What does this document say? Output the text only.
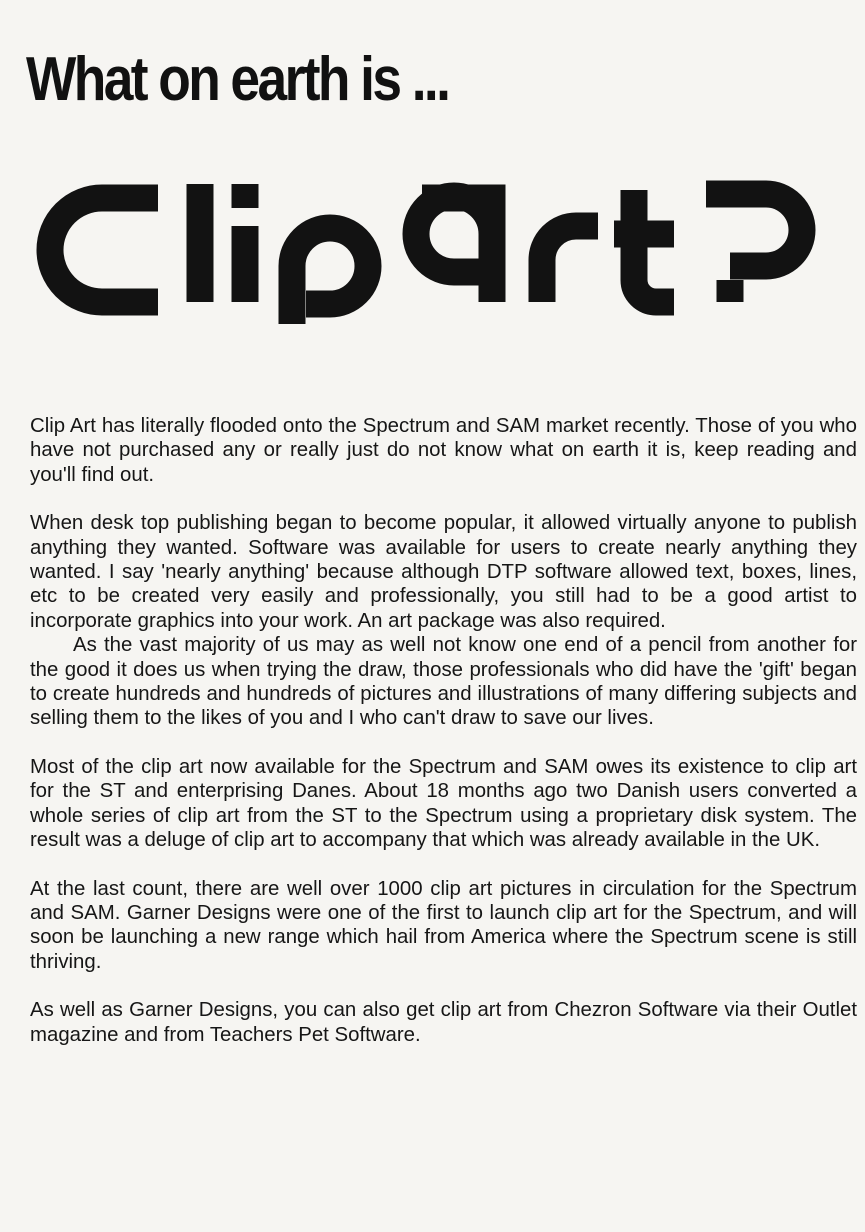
What on earth is ...

Clip Art has literally flooded onto the Spectrum and SAM market recently. Those of you who have not purchased any or really just do not know what on earth it is, keep reading and you'll find out.

When desk top publishing began to become popular, it allowed virtually anyone to publish anything they wanted. Software was available for users to create nearly anything they wanted. I say 'nearly anything' because although DTP software allowed text, boxes, lines, etc to be created very easily and professionally, you still had to be a good artist to incorporate graphics into your work. An art package was also required.

As the vast majority of us may as well not know one end of a pencil from another for the good it does us when trying the draw, those professionals who did have the 'gift' began to create hundreds and hundreds of pictures and illustrations of many differing subjects and selling them to the likes of you and I who can't draw to save our lives.

Most of the clip art now available for the Spectrum and SAM owes its existence to clip art for the ST and enterprising Danes. About 18 months ago two Danish users converted a whole series of clip art from the ST to the Spectrum using a proprietary disk system. The result was a deluge of clip art to accompany that which was already available in the UK.

At the last count, there are well over 1000 clip art pictures in circulation for the Spectrum and SAM. Garner Designs were one of the first to launch clip art for the Spectrum, and will soon be launching a new range which hail from America where the Spectrum scene is still thriving.

As well as Garner Designs, you can also get clip art from Chezron Software via their Outlet magazine and from Teachers Pet Software.
